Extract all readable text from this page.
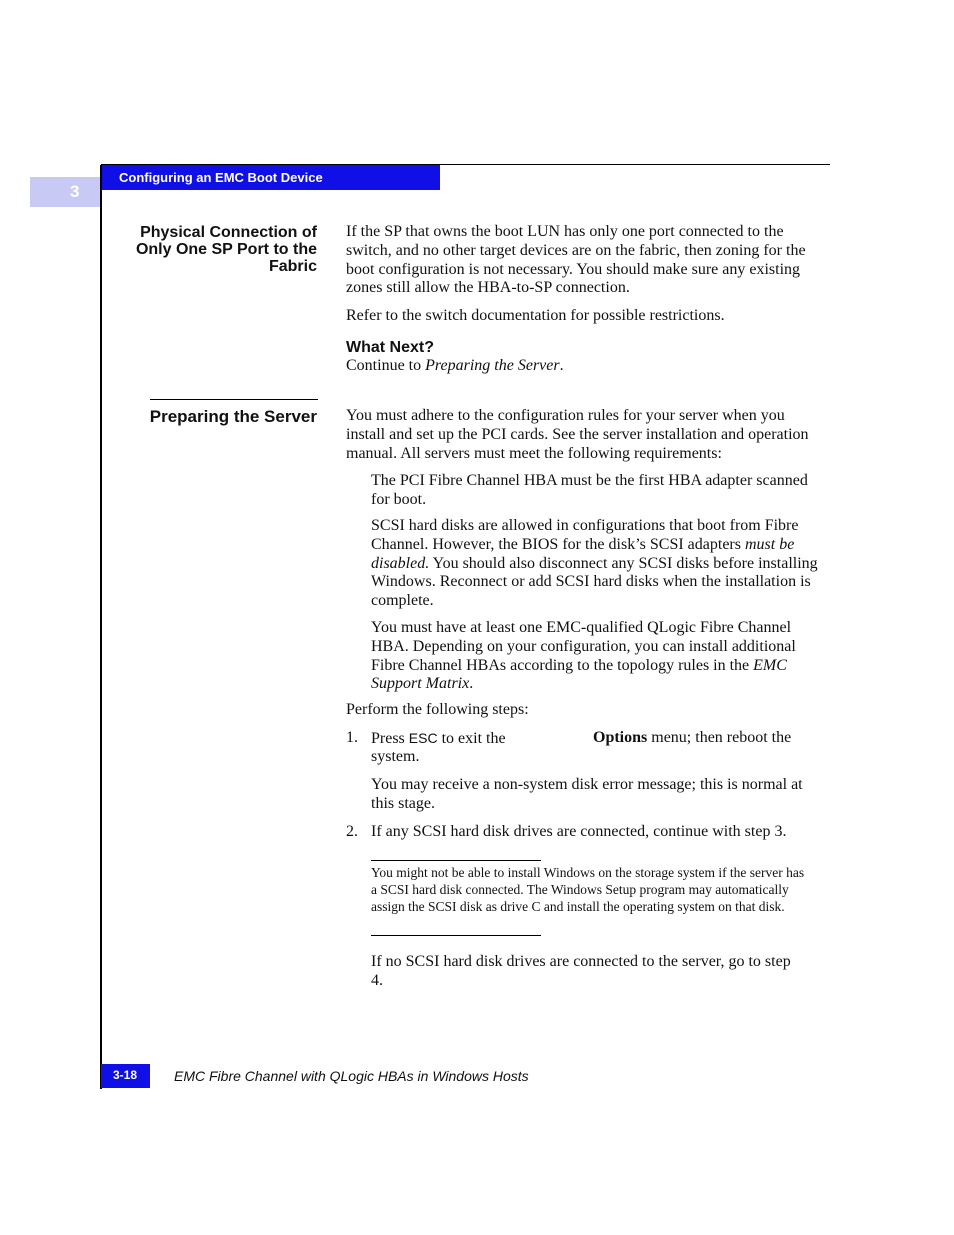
Configuring an EMC Boot Device
3
Physical Connection of Only One SP Port to the Fabric

If the SP that owns the boot LUN has only one port connected to the switch, and no other target devices are on the fabric, then zoning for the boot configuration is not necessary. You should make sure any existing zones still allow the HBA-to-SP connection.

Refer to the switch documentation for possible restrictions.

What Next?

Continue to Preparing the Server.

Preparing the Server You must adhere to the configuration rules for your server when you install and set up the PCI cards. See the server installation and operation manual. All servers must meet the following requirements:

The PCI Fibre Channel HBA must be the first HBA adapter scanned for boot.

SCSI hard disks are allowed in configurations that boot from Fibre Channel. However, the BIOS for the disk’s SCSI adapters must be disabled. You should also disconnect any SCSI disks before installing Windows. Reconnect or add SCSI hard disks when the installation is complete.

You must have at least one EMC-qualified QLogic Fibre Channel HBA. Depending on your configuration, you can install additional Fibre Channel HBAs according to the topology rules in the EMC Support Matrix.

Perform the following steps:

1. Press ESC to exit the	Options menu; then reboot the
system.

You may receive a non-system disk error message; this is normal at this stage.

2. If any SCSI hard disk drives are connected, continue with step 3.

You might not be able to install Windows on the storage system if the server has a SCSI hard disk connected. The Windows Setup program may automatically assign the SCSI disk as drive C and install the operating system on that disk.

If no SCSI hard disk drives are connected to the server, go to step 4.

3-18	EMC Fibre Channel with QLogic HBAs in Windows Hosts
